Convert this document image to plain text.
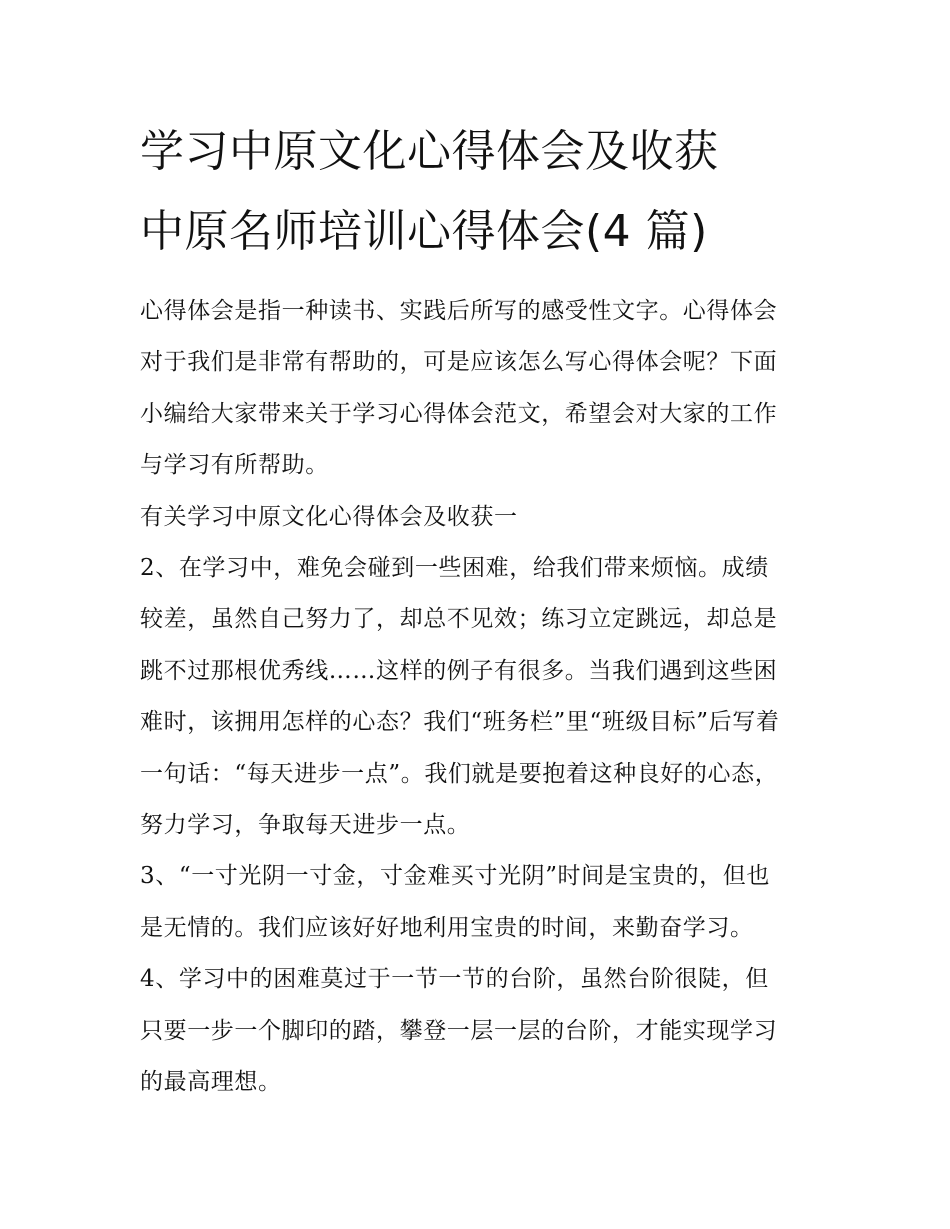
学习中原文化心得体会及收获
中原名师培训心得体会(4 篇)

心得体会是指一种读书、实践后所写的感受性文字。心得体会
对于我们是非常有帮助的，可是应该怎么写心得体会呢？下面
小编给大家带来关于学习心得体会范文，希望会对大家的工作
与学习有所帮助。

有关学习中原文化心得体会及收获一

2、在学习中，难免会碰到一些困难，给我们带来烦恼。成绩
较差，虽然自己努力了，却总不见效；练习立定跳远，却总是
跳不过那根优秀线……这样的例子有很多。当我们遇到这些困
难时，该拥用怎样的心态？我们“班务栏”里“班级目标”后写着
一句话：“每天进步一点”。我们就是要抱着这种良好的心态，
努力学习，争取每天进步一点。

3、“一寸光阴一寸金，寸金难买寸光阴”时间是宝贵的，但也
是无情的。我们应该好好地利用宝贵的时间，来勤奋学习。

4、学习中的困难莫过于一节一节的台阶，虽然台阶很陡，但
只要一步一个脚印的踏，攀登一层一层的台阶，才能实现学习
的最高理想。
